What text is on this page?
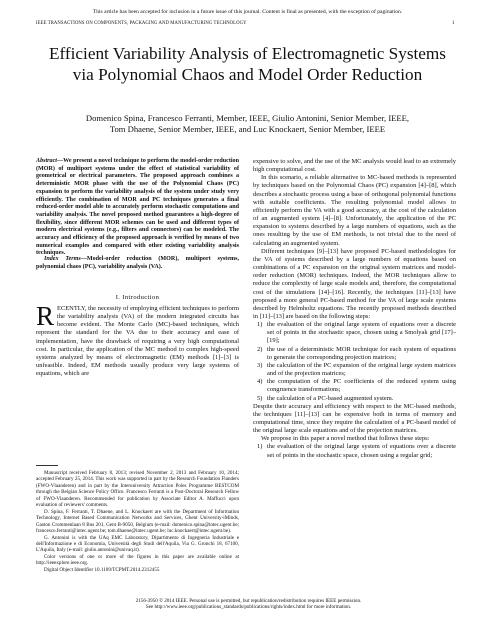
This article has been accepted for inclusion in a future issue of this journal. Content is final as presented, with the exception of pagination.
IEEE TRANSACTIONS ON COMPONENTS, PACKAGING AND MANUFACTURING TECHNOLOGY	1
Efficient Variability Analysis of Electromagnetic Systems via Polynomial Chaos and Model Order Reduction
Domenico Spina, Francesco Ferranti, Member, IEEE, Giulio Antonini, Senior Member, IEEE,
Tom Dhaene, Senior Member, IEEE, and Luc Knockaert, Senior Member, IEEE

Abstract—We present a novel technique to perform the model-order reduction (MOR) of multiport systems under the effect of statistical variability of geometrical or electrical parameters. The proposed approach combines a deterministic MOR phase with the use of the Polynomial Chaos (PC) expansion to perform the variability analysis of the system under study very efficiently. The combination of MOR and PC techniques generates a final reduced-order model able to accurately perform stochastic computations and variability analysis. The novel proposed method guarantees a high-degree of flexibility, since different MOR schemes can be used and different types of modern electrical systems (e.g., filters and connectors) can be modeled. The accuracy and efficiency of the proposed approach is verified by means of two numerical examples and compared with other existing variability analysis techniques.

Index Terms—Model-order reduction (MOR), multiport systems, polynomial chaos (PC), variability analysis (VA).

I. Introduction

RECENTLY, the necessity of employing efficient techniques to perform the variability analysis (VA) of the modern integrated circuits has become evident. The Monte Carlo (MC)-based techniques, which represent the standard for the VA due to their accuracy and ease of implementation, have the drawback of requiring a very high computational cost. In particular, the application of the MC method to complex high-speed systems analyzed by means of electromagnetic (EM) methods [1]–[3] is unfeasible. Indeed, EM methods usually produce very large systems of equations, which are

Manuscript received February 8, 2013; revised November 2, 2013 and February 10, 2014; accepted February 25, 2014. This work was supported in part by the Research Foundation Flanders (FWO-Vlaanderen) and in part by the Interuniversity Attraction Poles Programme BESTCOM through the Belgian Science Policy Office. Francesco Ferranti is a Post-Doctoral Research Fellow of FWO-Vlaanderen. Recommended for publication by Associate Editor A. Maffucci upon evaluation of reviewers' comments.

D. Spina, F. Ferranti, T. Dhaene, and L. Knockaert are with the Department of Information Technology, Internet Based Communication Networks and Services, Ghent University-iMinds, Gaston Crommenlaan 8 Bus 201, Gent B-9050, Belgium (e-mail: domenico.spina@intec.ugent.be; francesco.ferranti@intec.ugent.be; tom.dhaene@intec.ugent.be; luc.knockaert@intec.ugent.be).

G. Antonini is with the UAq EMC Laboratory, Dipartimento di Ingegneria Industriale e dell'Informazione e di Economia, Università degli Studi dell'Aquila, Via G. Gronchi 18, 67100, L'Aquila, Italy (e-mail: giulio.antonini@univaq.it).

Color versions of one or more of the figures in this paper are available online at http://ieeexplore.ieee.org.

Digital Object Identifier 10.1109/TCPMT.2014.2312455

expensive to solve, and the use of the MC analysis would lead to an extremely high computational cost.

In this scenario, a reliable alternative to MC-based methods is represented by techniques based on the Polynomial Chaos (PC) expansion [4]–[8], which describes a stochastic process using a base of orthogonal polynomial functions with suitable coefficients. The resulting polynomial model allows to efficiently perform the VA with a good accuracy, at the cost of the calculation of an augmented system [4]–[8]. Unfortunately, the application of the PC expansion to systems described by a large numbers of equations, such as the ones resulting by the use of EM methods, is not trivial due to the need of calculating an augmented system.

Different techniques [9]–[13] have proposed PC-based methodologies for the VA of systems described by a large numbers of equations based on combinations of a PC expansion on the original system matrices and model-order reduction (MOR) techniques. Indeed, the MOR techniques allow to reduce the complexity of large scale models and, therefore, the computational cost of the simulations [14]–[16]. Recently, the techniques [11]–[13] have proposed a more general PC-based method for the VA of large scale systems described by Helmholtz equations. The recently proposed methods described in [11]–[13] are based on the following steps:

1) the evaluation of the original large system of equations over a discrete set of points in the stochastic space, chosen using a Smolyak grid [17]–[19];

2) the use of a deterministic MOR technique for each system of equations to generate the corresponding projection matrices;

3) the calculation of the PC expansion of the original large system matrices and of the projection matrices;

4) the computation of the PC coefficients of the reduced system using congruence transformations;

5) the calculation of a PC-based augmented system.

Despite their accuracy and efficiency with respect to the MC-based methods, the techniques [11]–[13] can be expensive both in terms of memory and computational time, since they require the calculation of a PC-based model of the original large scale equations and of the projection matrices.

We propose in this paper a novel method that follows these steps:

1) the evaluation of the original large system of equations over a discrete set of points in the stochastic space, chosen using a regular grid;

2156-3950 © 2014 IEEE. Personal use is permitted, but republication/redistribution requires IEEE permission.
See http://www.ieee.org/publications_standards/publications/rights/index.html for more information.
